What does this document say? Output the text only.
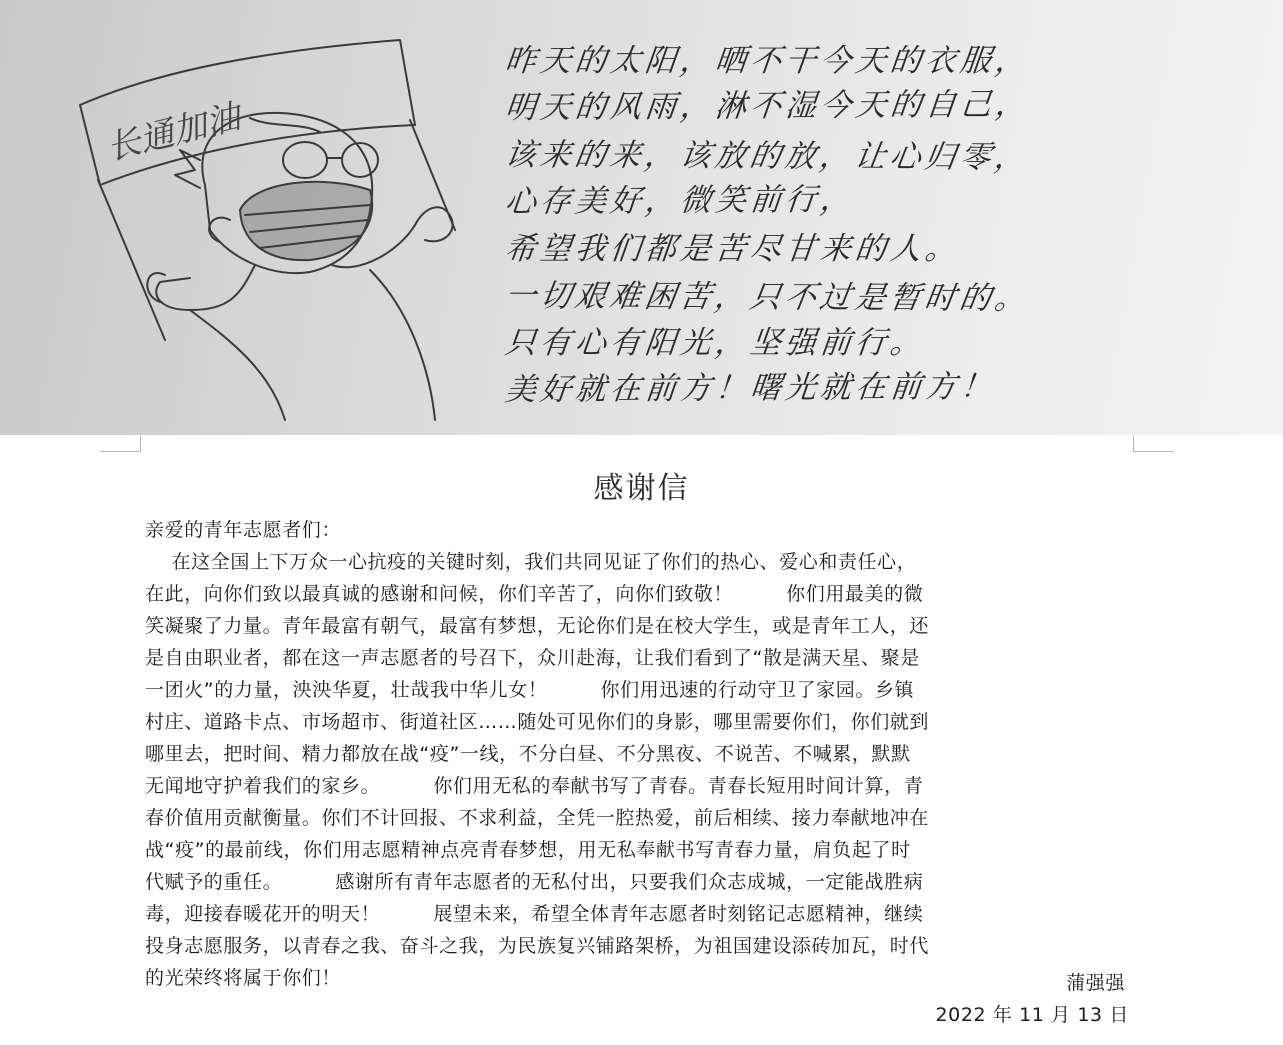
长通加油
昨天的太阳，晒不干今天的衣服，
明天的风雨，淋不湿今天的自己，
该来的来，该放的放，让心归零，
心存美好，微笑前行，
希望我们都是苦尽甘来的人。
一切艰难困苦，只不过是暂时的。
只有心有阳光，坚强前行。
美好就在前方！曙光就在前方！
感谢信
亲爱的青年志愿者们：
在这全国上下万众一心抗疫的关键时刻，我们共同见证了你们的热心、爱心和责任心，
在此，向你们致以最真诚的感谢和问候，你们辛苦了，向你们致敬！        你们用最美的微
笑凝聚了力量。青年最富有朝气，最富有梦想，无论你们是在校大学生，或是青年工人，还
是自由职业者，都在这一声志愿者的号召下，众川赴海，让我们看到了“散是满天星、聚是
一团火”的力量，泱泱华夏，壮哉我中华儿女！        你们用迅速的行动守卫了家园。乡镇
村庄、道路卡点、市场超市、街道社区……随处可见你们的身影，哪里需要你们，你们就到
哪里去，把时间、精力都放在战“疫”一线，不分白昼、不分黑夜、不说苦、不喊累，默默
无闻地守护着我们的家乡。        你们用无私的奉献书写了青春。青春长短用时间计算，青
春价值用贡献衡量。你们不计回报、不求利益，全凭一腔热爱，前后相续、接力奉献地冲在
战“疫”的最前线，你们用志愿精神点亮青春梦想，用无私奉献书写青春力量，肩负起了时
代赋予的重任。        感谢所有青年志愿者的无私付出，只要我们众志成城，一定能战胜病
毒，迎接春暖花开的明天！        展望未来，希望全体青年志愿者时刻铭记志愿精神，继续
投身志愿服务，以青春之我、奋斗之我，为民族复兴铺路架桥，为祖国建设添砖加瓦，时代
的光荣终将属于你们！	蒲强强
2022 年 11 月 13 日
